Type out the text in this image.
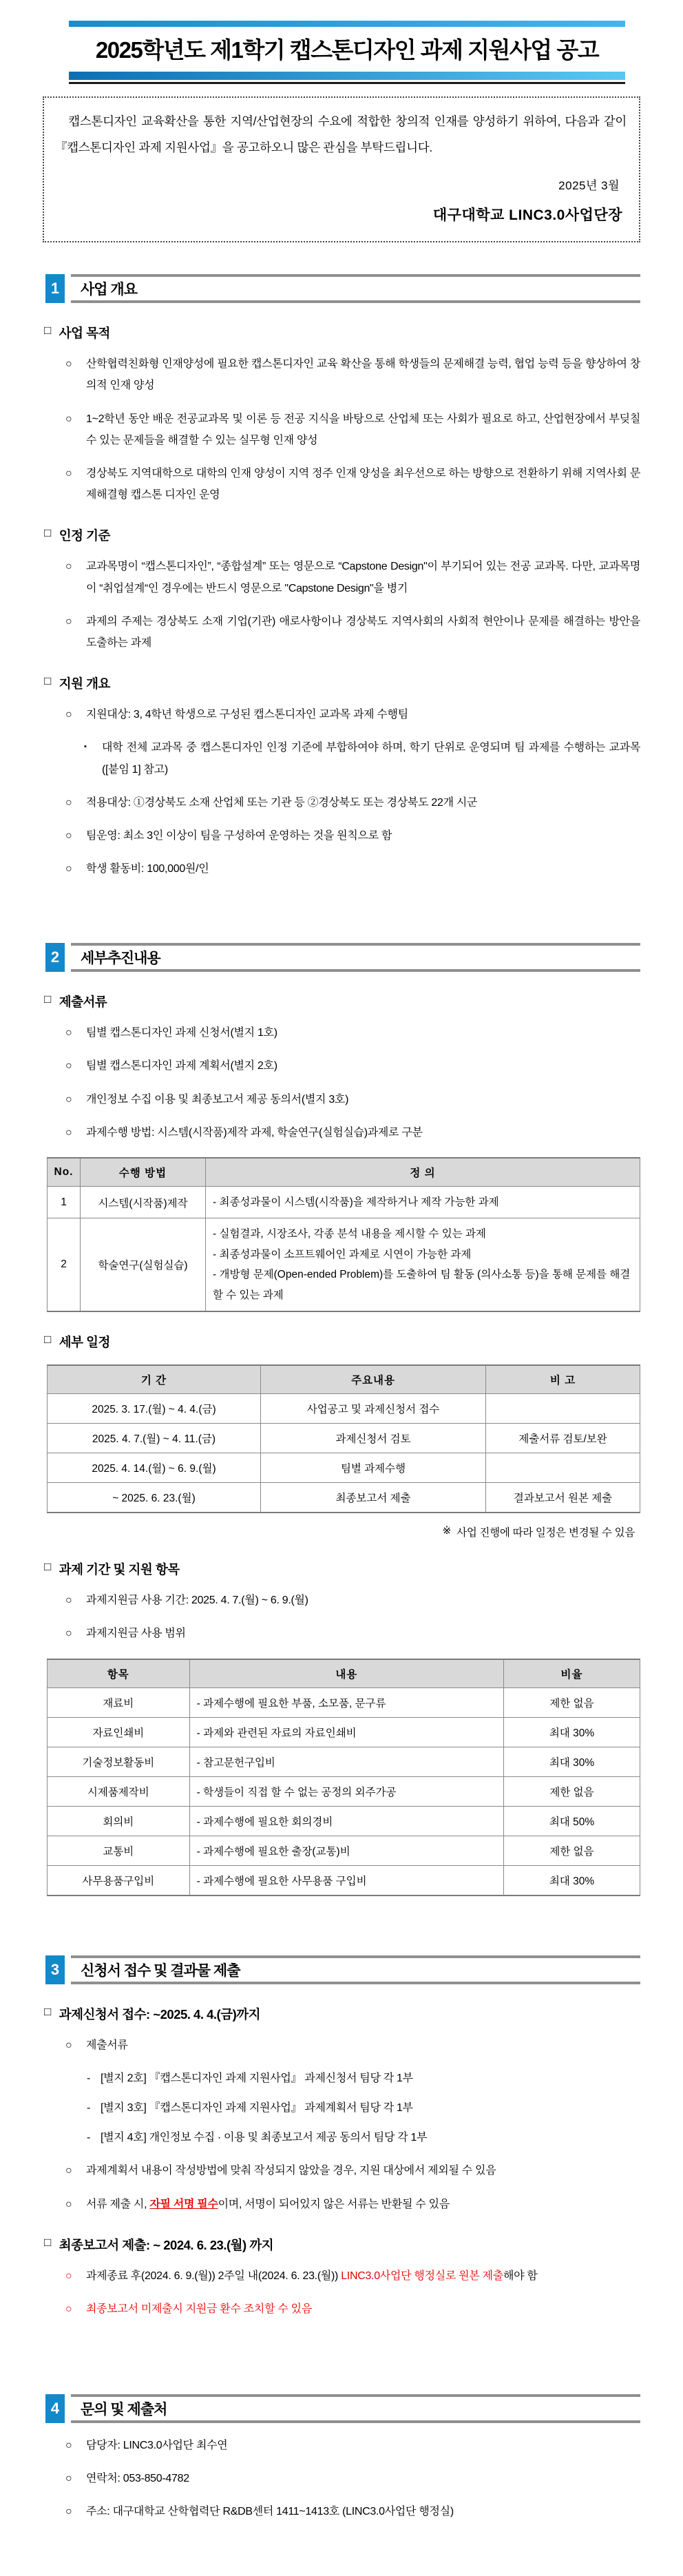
2025학년도 제1학기 캡스톤디자인 과제 지원사업 공고
캡스톤디자인 교육확산을 통한 지역/산업현장의 수요에 적합한 창의적 인재를 양성하기 위하여, 다음과 같이 『캡스톤디자인 과제 지원사업』을 공고하오니 많은 관심을 부탁드립니다.
2025년 3월
대구대학교 LINC3.0사업단장
1	사업 개요
□ 사업 목적
○	산학협력친화형 인재양성에 필요한 캡스톤디자인 교육 확산을 통해 학생들의 문제해결 능력, 협업 능력 등을 향상하여 창의적 인재 양성
○	1~2학년 동안 배운 전공교과목 및 이론 등 전공 지식을 바탕으로 산업체 또는 사회가 필요로 하고, 산업현장에서 부딪칠 수 있는 문제들을 해결할 수 있는 실무형 인재 양성
○	경상북도 지역대학으로 대학의 인재 양성이 지역 정주 인재 양성을 최우선으로 하는 방향으로 전환하기 위해 지역사회 문제해결형 캡스톤 디자인 운영
□ 인정 기준
○	교과목명이 “캡스톤디자인”, “종합설계” 또는 영문으로 “Capstone Design"이 부기되어 있는 전공 교과목. 다만, 교과목명이 “취업설계“인 경우에는 반드시 영문으로 "Capstone Design"을 병기
○	과제의 주제는 경상북도 소재 기업(기관) 애로사항이나 경상북도 지역사회의 사회적 현안이나 문제를 해결하는 방안을 도출하는 과제
□ 지원 개요
○	지원대상: 3, 4학년 학생으로 구성된 캡스톤디자인 교과목 과제 수행팀
▪	대학 전체 교과목 중 캡스톤디자인 인정 기준에 부합하여야 하며, 학기 단위로 운영되며 팀 과제를 수행하는 교과목([붙임 1] 참고)
○	적용대상: ①경상북도 소재 산업체 또는 기관 등 ②경상북도 또는 경상북도 22개 시군
○	팀운영: 최소 3인 이상이 팀을 구성하여 운영하는 것을 원칙으로 함
○	학생 활동비: 100,000원/인
2	세부추진내용
□ 제출서류
○	팀별 캡스톤디자인 과제 신청서(별지 1호)
○	팀별 캡스톤디자인 과제 계획서(별지 2호)
○	개인정보 수집 이용 및 최종보고서 제공 동의서(별지 3호)
○	과제수행 방법: 시스템(시작품)제작 과제, 학술연구(실험실습)과제로 구분
No.	수행 방법	정 의
1	시스템(시작품)제작	- 최종성과물이 시스템(시작품)을 제작하거나 제작 가능한 과제

2	학술연구(실험실습)	- 실험결과, 시장조사, 각종 분석 내용을 제시할 수 있는 과제
- 최종성과물이 소프트웨어인 과제로 시연이 가능한 과제
- 개방형 문제(Open-ended Problem)를 도출하여 팀 활동 (의사소통 등)을 통해 문제를 해결할 수 있는 과제
□ 세부 일정
기 간	주요내용	비 고
2025. 3. 17.(월) ~ 4. 4.(금)	사업공고 및 과제신청서 접수	
2025. 4. 7.(월) ~ 4. 11.(금)	과제신청서 검토	제출서류 검토/보완
2025. 4. 14.(월) ~ 6. 9.(월)	팀별 과제수행	
~ 2025. 6. 23.(월)	최종보고서 제출	결과보고서 원본 제출
※ 사업 진행에 따라 일정은 변경될 수 있음
□ 과제 기간 및 지원 항목
○	과제지원금 사용 기간: 2025. 4. 7.(월) ~ 6. 9.(월)
○	과제지원금 사용 범위
항목	내용	비율
재료비	- 과제수행에 필요한 부품, 소모품, 문구류	제한 없음
자료인쇄비	- 과제와 관련된 자료의 자료인쇄비	최대 30%
기술정보활동비	- 참고문헌구입비	최대 30%
시제품제작비	- 학생들이 직접 할 수 없는 공정의 외주가공	제한 없음
회의비	- 과제수행에 필요한 회의경비	최대 50%
교통비	- 과제수행에 필요한 출장(교통)비	제한 없음
사무용품구입비	- 과제수행에 필요한 사무용품 구입비	최대 30%
3	신청서 접수 및 결과물 제출
□ 과제신청서 접수: ~2025. 4. 4.(금)까지
○	제출서류
- [별지 2호] 『캡스톤디자인 과제 지원사업』 과제신청서 팀당 각 1부
- [별지 3호] 『캡스톤디자인 과제 지원사업』 과제계획서 팀당 각 1부
- [별지 4호] 개인정보 수집 · 이용 및 최종보고서 제공 동의서 팀당 각 1부
○	과제계획서 내용이 작성방법에 맞춰 작성되지 않았을 경우, 지원 대상에서 제외될 수 있음
○	서류 제출 시, 자필 서명 필수이며, 서명이 되어있지 않은 서류는 반환될 수 있음
□ 최종보고서 제출: ~ 2024. 6. 23.(월) 까지
○	과제종료 후(2024. 6. 9.(월)) 2주일 내(2024. 6. 23.(월)) LINC3.0사업단 행정실로 원본 제출해야 함
○	최종보고서 미제출시 지원금 환수 조치할 수 있음
4	문의 및 제출처
○	담당자: LINC3.0사업단 최수연
○	연락처: 053-850-4782
○	주소: 대구대학교 산학협력단 R&DB센터 1411~1413호 (LINC3.0사업단 행정실)
